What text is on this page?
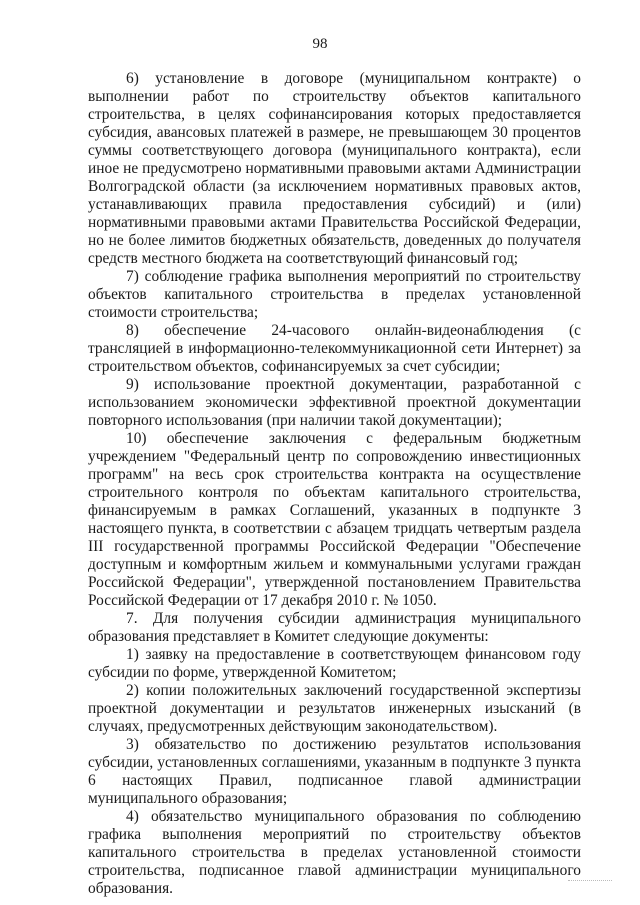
98

6) установление в договоре (муниципальном контракте) о выполнении работ по строительству объектов капитального строительства, в целях софинансирования которых предоставляется субсидия, авансовых платежей в размере, не превышающем 30 процентов суммы соответствующего договора (муниципального контракта), если иное не предусмотрено нормативными правовыми актами Администрации Волгоградской области (за исключением нормативных правовых актов, устанавливающих правила предоставления субсидий) и (или) нормативными правовыми актами Правительства Российской Федерации, но не более лимитов бюджетных обязательств, доведенных до получателя средств местного бюджета на соответствующий финансовый год;

7) соблюдение графика выполнения мероприятий по строительству объектов капитального строительства в пределах установленной стоимости строительства;

8) обеспечение 24-часового онлайн-видеонаблюдения (с трансляцией в информационно-телекоммуникационной сети Интернет) за строительством объектов, софинансируемых за счет субсидии;

9) использование проектной документации, разработанной с использованием экономически эффективной проектной документации повторного использования (при наличии такой документации);

10) обеспечение заключения с федеральным бюджетным учреждением "Федеральный центр по сопровождению инвестиционных программ" на весь срок строительства контракта на осуществление строительного контроля по объектам капитального строительства, финансируемым в рамках Соглашений, указанных в подпункте 3 настоящего пункта, в соответствии с абзацем тридцать четвертым раздела III государственной программы Российской Федерации "Обеспечение доступным и комфортным жильем и коммунальными услугами граждан Российской Федерации", утвержденной постановлением Правительства Российской Федерации от 17 декабря 2010 г. № 1050.

7. Для получения субсидии администрация муниципального образования представляет в Комитет следующие документы:

1) заявку на предоставление в соответствующем финансовом году субсидии по форме, утвержденной Комитетом;

2) копии положительных заключений государственной экспертизы проектной документации и результатов инженерных изысканий (в случаях, предусмотренных действующим законодательством).

3) обязательство по достижению результатов использования субсидии, установленных соглашениями, указанным в подпункте 3 пункта 6 настоящих Правил, подписанное главой администрации муниципального образования;

4) обязательство муниципального образования по соблюдению графика выполнения мероприятий по строительству объектов капитального строительства в пределах установленной стоимости строительства, подписанное главой администрации муниципального образования.
